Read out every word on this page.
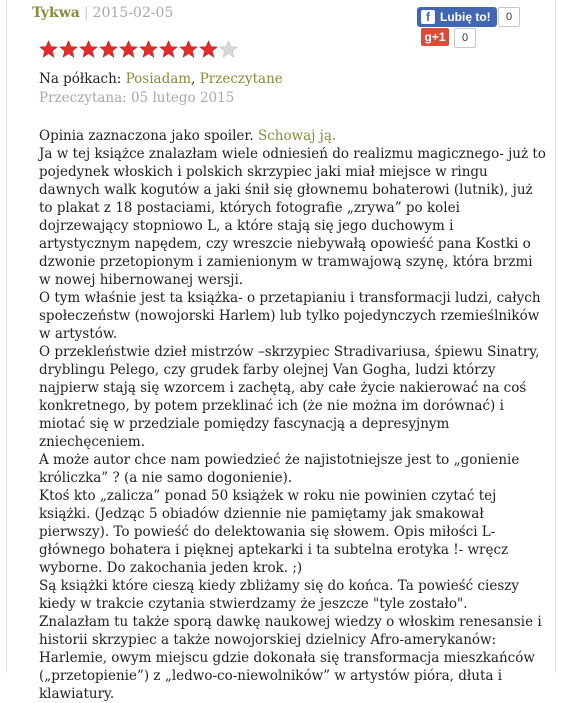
Tykwa | 2015-02-05	f Lubię to!	0
g+1	0
Na półkach: Posiadam, Przeczytane
Przeczytana: 05 lutego 2015

Opinia zaznaczona jako spoiler. Schowaj ją.

Ja w tej książce znalazłam wiele odniesień do realizmu magicznego- już to pojedynek włoskich i polskich skrzypiec jaki miał miejsce w ringu dawnych walk kogutów a jaki śnił się głownemu bohaterowi (lutnik), już to plakat z 18 postaciami, których fotografie „zrywa” po kolei dojrzewający stopniowo L, a które stają się jego duchowym i artystycznym napędem, czy wreszcie niebywałą opowieść pana Kostki o dzwonie przetopionym i zamienionym w tramwajową szynę, która brzmi w nowej hibernowanej wersji.

O tym właśnie jest ta książka- o przetapianiu i transformacji ludzi, całych społeczeństw (nowojorski Harlem) lub tylko pojedynczych rzemieślników w artystów.

O przekleństwie dzieł mistrzów –skrzypiec Stradivariusa, śpiewu Sinatry, dryblingu Pelego, czy grudek farby olejnej Van Gogha, ludzi którzy najpierw stają się wzorcem i zachętą, aby całe życie nakierować na coś konkretnego, by potem przeklinać ich (że nie można im dorównać) i miotać się w przedziale pomiędzy fascynacją a depresyjnym zniechęceniem.

A może autor chce nam powiedzieć że najistotniejsze jest to „gonienie króliczka” ? (a nie samo dogonienie).

Ktoś kto „zalicza” ponad 50 książek w roku nie powinien czytać tej książki. (Jedząc 5 obiadów dziennie nie pamiętamy jak smakował pierwszy). To powieść do delektowania się słowem. Opis miłości L-głównego bohatera i pięknej aptekarki i ta subtelna erotyka !- wręcz wyborne. Do zakochania jeden krok. ;)

Są książki które cieszą kiedy zbliżamy się do końca. Ta powieść cieszy kiedy w trakcie czytania stwierdzamy że jeszcze "tyle zostało".

Znalazłam tu także sporą dawkę naukowej wiedzy o włoskim renesansie i historii skrzypiec a także nowojorskiej dzielnicy Afro-amerykanów: Harlemie, owym miejscu gdzie dokonała się transformacja mieszkańców („przetopienie”) z „ledwo-co-niewolników” w artystów pióra, dłuta i klawiatury.
